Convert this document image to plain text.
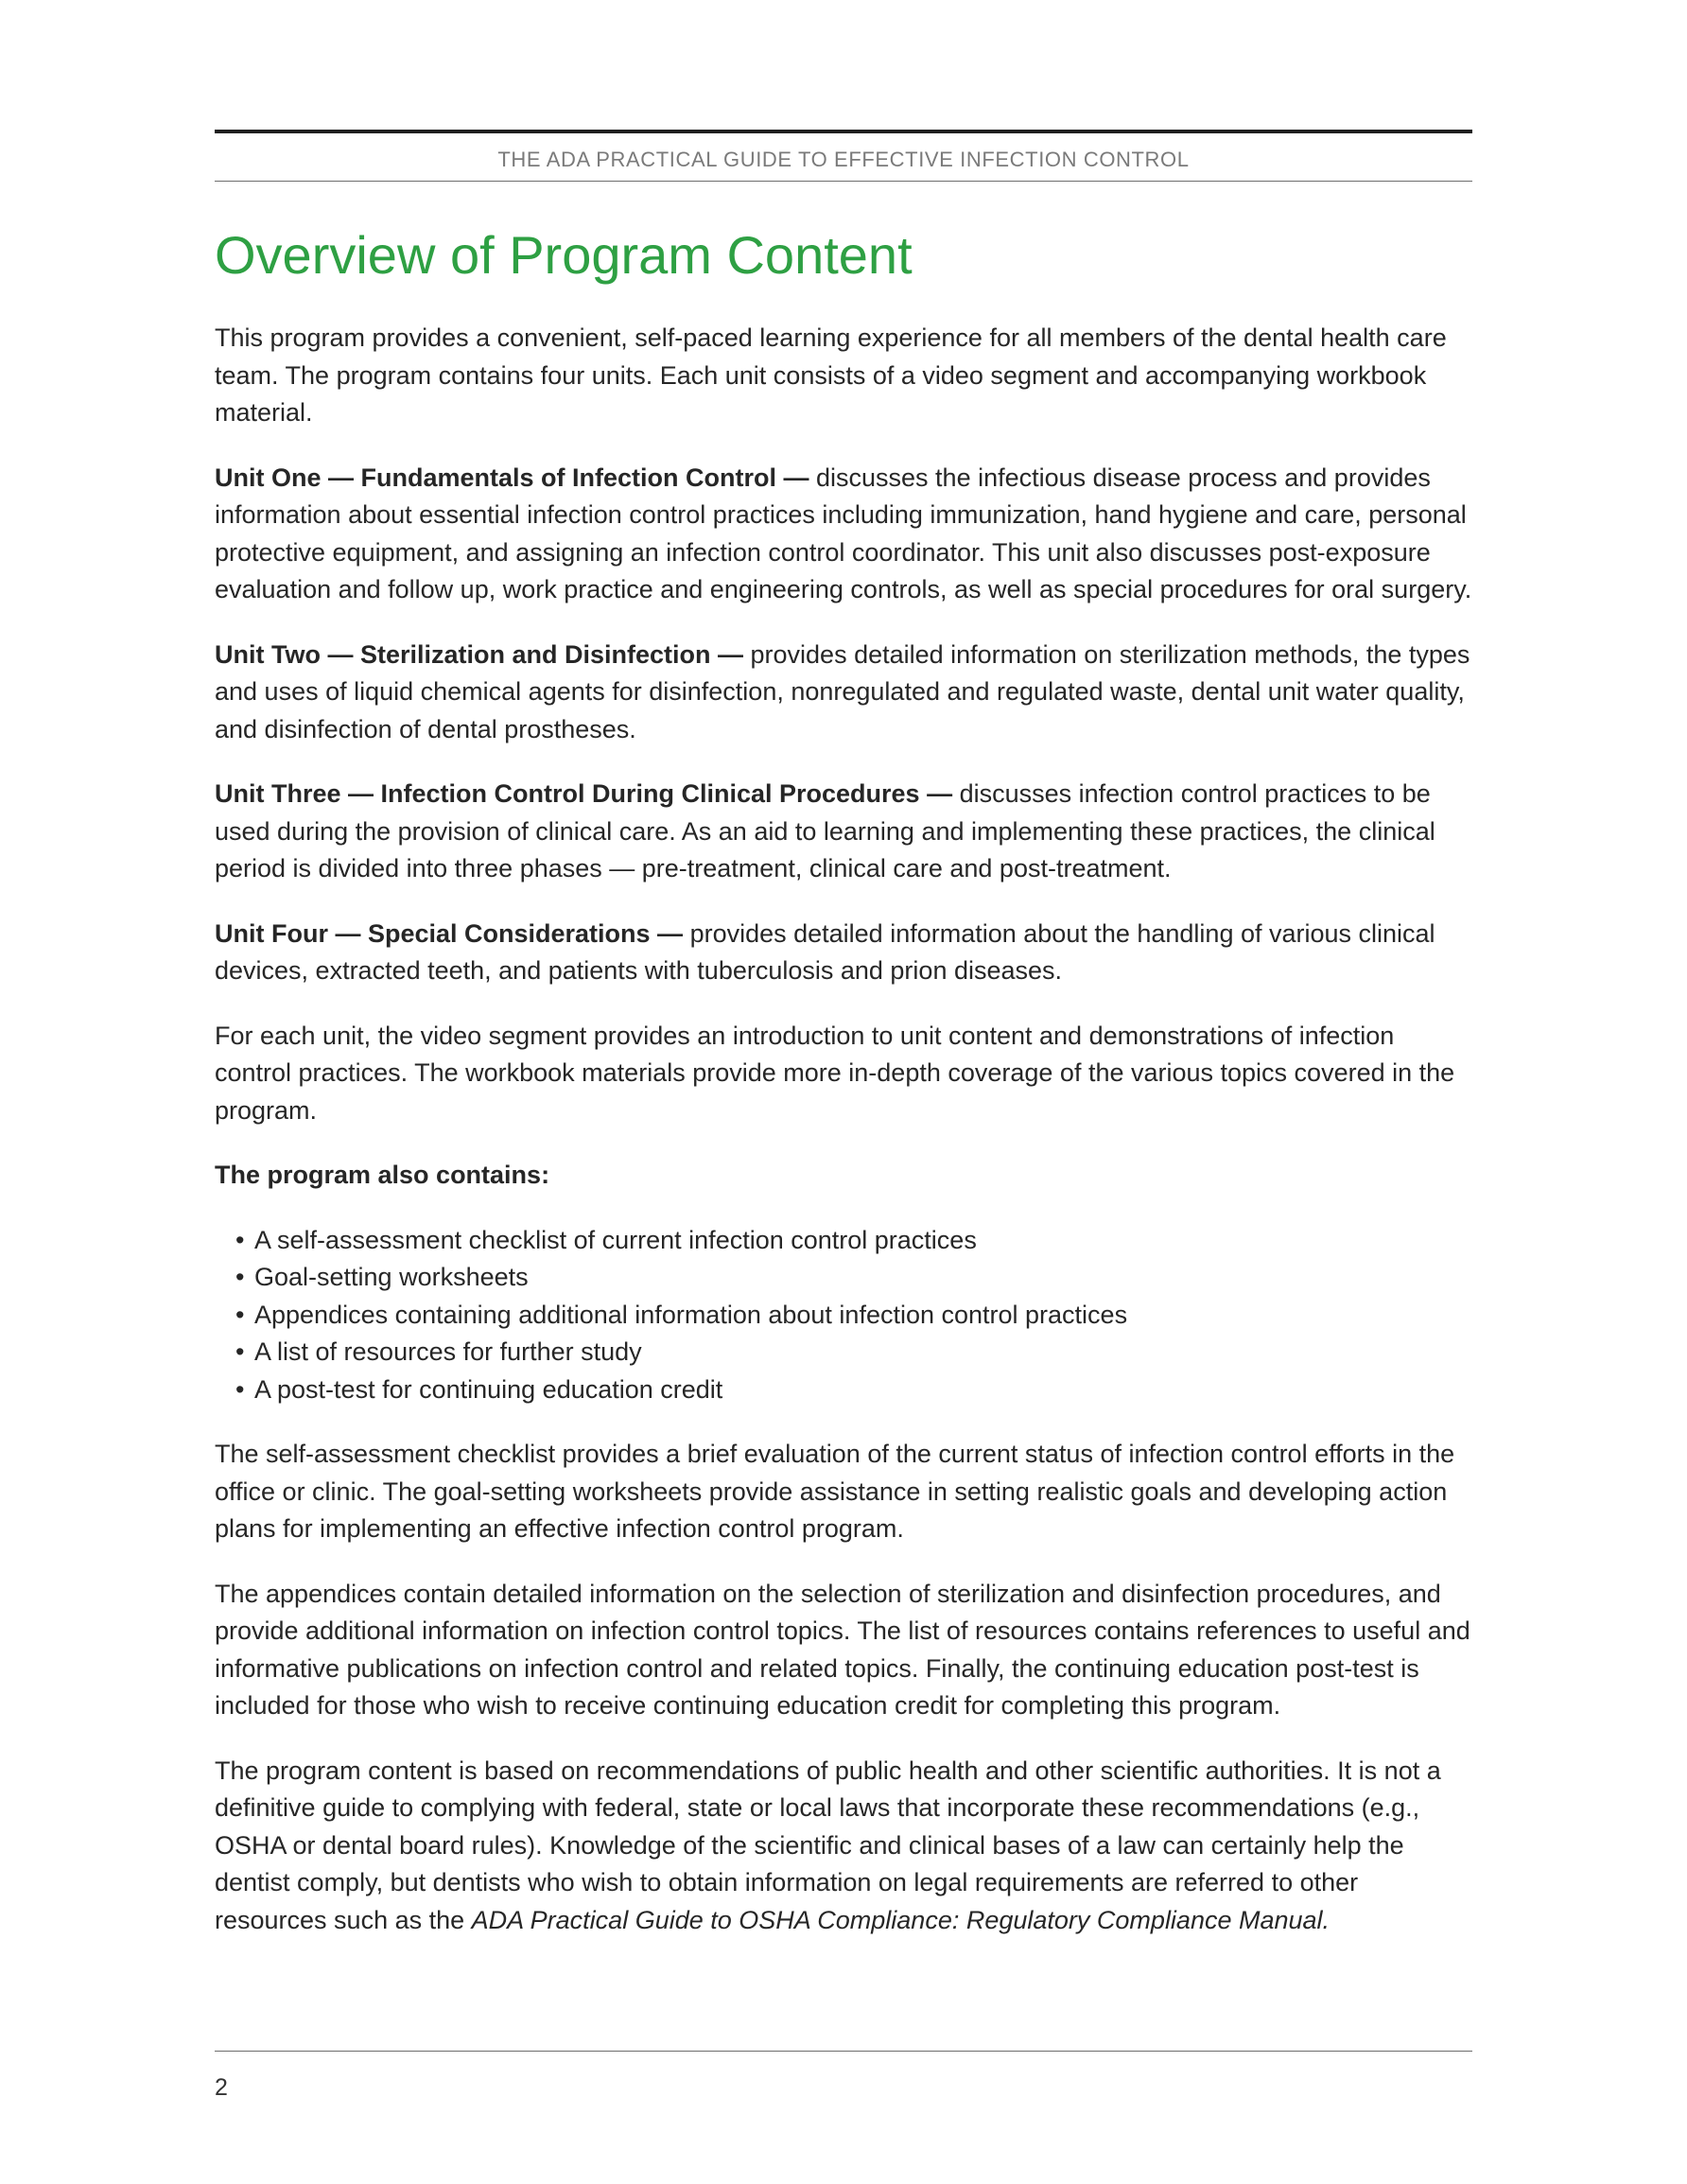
THE ADA PRACTICAL GUIDE TO EFFECTIVE INFECTION CONTROL
Overview of Program Content

This program provides a convenient, self-paced learning experience for all members of the dental health care team. The program contains four units. Each unit consists of a video segment and accompanying workbook material.

Unit One — Fundamentals of Infection Control — discusses the infectious disease process and provides information about essential infection control practices including immunization, hand hygiene and care, personal protective equipment, and assigning an infection control coordinator. This unit also discusses post-exposure evaluation and follow up, work practice and engineering controls, as well as special procedures for oral surgery.

Unit Two — Sterilization and Disinfection — provides detailed information on sterilization methods, the types and uses of liquid chemical agents for disinfection, nonregulated and regulated waste, dental unit water quality, and disinfection of dental prostheses.

Unit Three — Infection Control During Clinical Procedures — discusses infection control practices to be used during the provision of clinical care. As an aid to learning and implementing these practices, the clinical period is divided into three phases — pre-treatment, clinical care and post-treatment.

Unit Four — Special Considerations — provides detailed information about the handling of various clinical devices, extracted teeth, and patients with tuberculosis and prion diseases.

For each unit, the video segment provides an introduction to unit content and demonstrations of infection control practices. The workbook materials provide more in-depth coverage of the various topics covered in the program.

The program also contains:

• A self-assessment checklist of current infection control practices
• Goal-setting worksheets
• Appendices containing additional information about infection control practices
• A list of resources for further study
• A post-test for continuing education credit

The self-assessment checklist provides a brief evaluation of the current status of infection control efforts in the office or clinic. The goal-setting worksheets provide assistance in setting realistic goals and developing action plans for implementing an effective infection control program.

The appendices contain detailed information on the selection of sterilization and disinfection procedures, and provide additional information on infection control topics. The list of resources contains references to useful and informative publications on infection control and related topics. Finally, the continuing education post-test is included for those who wish to receive continuing education credit for completing this program.

The program content is based on recommendations of public health and other scientific authorities. It is not a definitive guide to complying with federal, state or local laws that incorporate these recommendations (e.g., OSHA or dental board rules). Knowledge of the scientific and clinical bases of a law can certainly help the dentist comply, but dentists who wish to obtain information on legal requirements are referred to other resources such as the ADA Practical Guide to OSHA Compliance: Regulatory Compliance Manual.

2
